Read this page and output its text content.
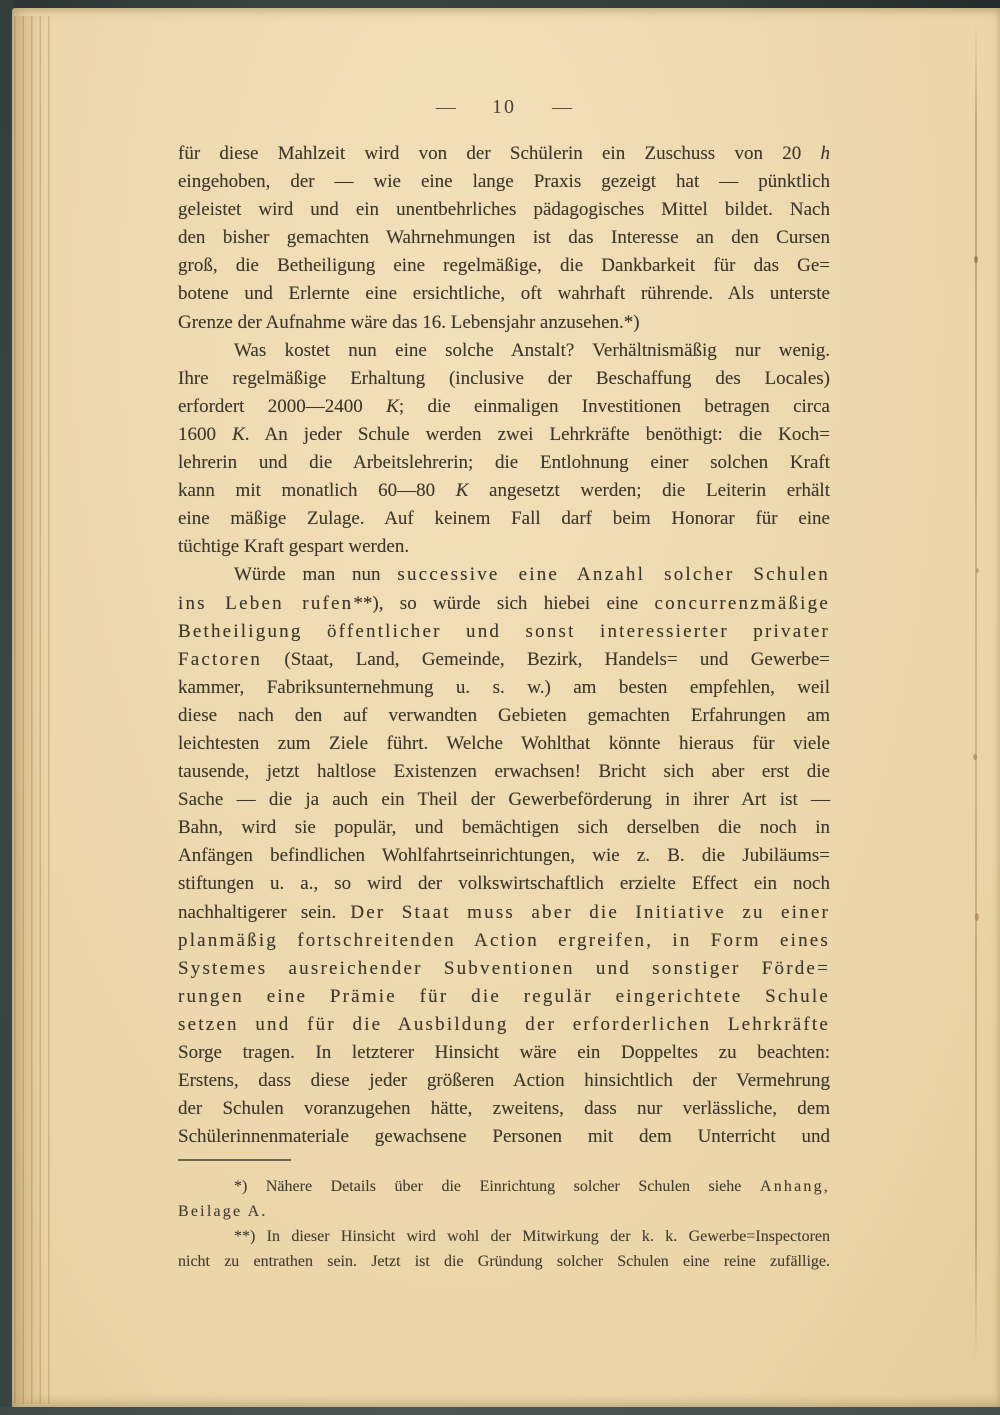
— 10 —
für diese Mahlzeit wird von der Schülerin ein Zuschuss von 20 h
eingehoben, der — wie eine lange Praxis gezeigt hat — pünktlich
geleistet wird und ein unentbehrliches pädagogisches Mittel bildet. Nach
den bisher gemachten Wahrnehmungen ist das Interesse an den Cursen
groß, die Betheiligung eine regelmäßige, die Dankbarkeit für das Ge=
botene und Erlernte eine ersichtliche, oft wahrhaft rührende. Als unterste
Grenze der Aufnahme wäre das 16. Lebensjahr anzusehen.*)
Was kostet nun eine solche Anstalt? Verhältnismäßig nur wenig.
Ihre regelmäßige Erhaltung (inclusive der Beschaffung des Locales)
erfordert 2000—2400 K; die einmaligen Investitionen betragen circa
1600 K. An jeder Schule werden zwei Lehrkräfte benöthigt: die Koch=
lehrerin und die Arbeitslehrerin; die Entlohnung einer solchen Kraft
kann mit monatlich 60—80 K angesetzt werden; die Leiterin erhält
eine mäßige Zulage. Auf keinem Fall darf beim Honorar für eine
tüchtige Kraft gespart werden.
Würde man nun successive eine Anzahl solcher Schulen
ins Leben rufen**), so würde sich hiebei eine concurrenzmäßige
Betheiligung öffentlicher und sonst interessierter privater
Factoren (Staat, Land, Gemeinde, Bezirk, Handels= und Gewerbe=
kammer, Fabriksunternehmung u. s. w.) am besten empfehlen, weil
diese nach den auf verwandten Gebieten gemachten Erfahrungen am
leichtesten zum Ziele führt. Welche Wohlthat könnte hieraus für viele
tausende, jetzt haltlose Existenzen erwachsen! Bricht sich aber erst die
Sache — die ja auch ein Theil der Gewerbeförderung in ihrer Art ist —
Bahn, wird sie populär, und bemächtigen sich derselben die noch in
Anfängen befindlichen Wohlfahrtseinrichtungen, wie z. B. die Jubiläums=
stiftungen u. a., so wird der volkswirtschaftlich erzielte Effect ein noch
nachhaltigerer sein. Der Staat muss aber die Initiative zu einer
planmäßig fortschreitenden Action ergreifen, in Form eines
Systemes ausreichender Subventionen und sonstiger Förde=
rungen eine Prämie für die regulär eingerichtete Schule
setzen und für die Ausbildung der erforderlichen Lehrkräfte
Sorge tragen. In letzterer Hinsicht wäre ein Doppeltes zu beachten:
Erstens, dass diese jeder größeren Action hinsichtlich der Vermehrung
der Schulen voranzugehen hätte, zweitens, dass nur verlässliche, dem
Schülerinnenmateriale gewachsene Personen mit dem Unterricht und
*) Nähere Details über die Einrichtung solcher Schulen siehe Anhang,
Beilage A.
**) In dieser Hinsicht wird wohl der Mitwirkung der k. k. Gewerbe=Inspectoren
nicht zu entrathen sein. Jetzt ist die Gründung solcher Schulen eine reine zufällige.
